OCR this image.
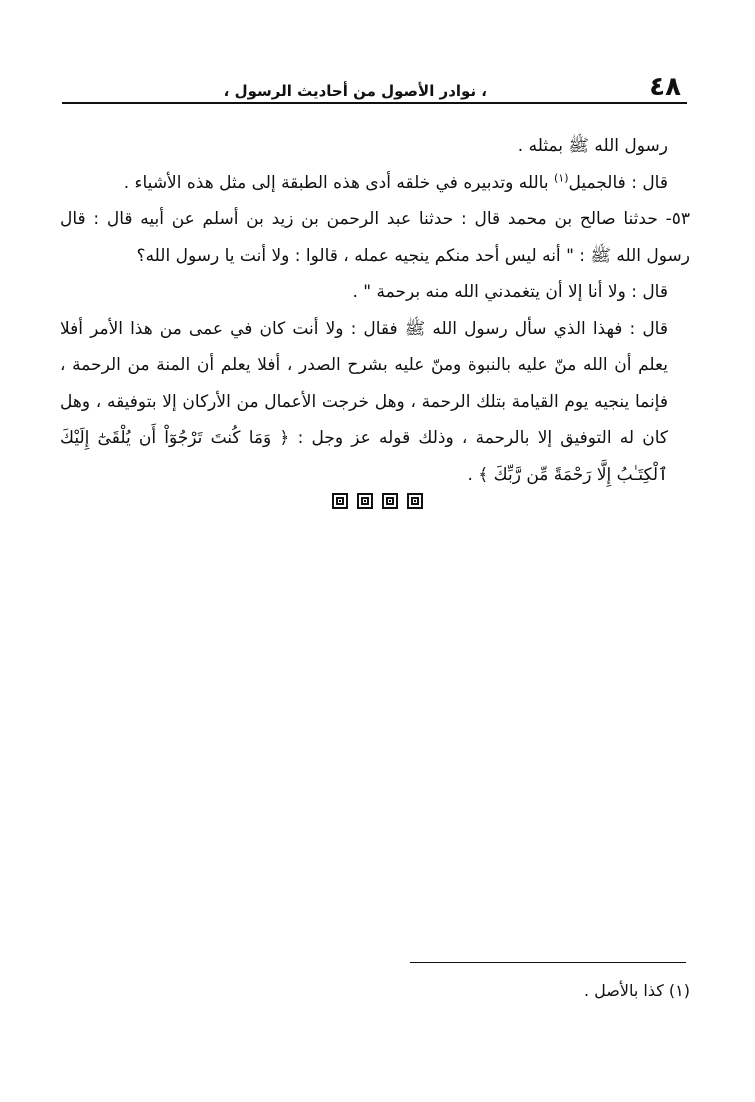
٤٨
، نوادر الأصول من أحاديث الرسول ،

رسول الله ﷺ بمثله .

قال : فالجميل$^{(١)}$ بالله وتدبيره في خلقه أدى هذه الطبقة إلى مثل هذه الأشياء .

٥٣- حدثنا صالح بن محمد قال : حدثنا عبد الرحمن بن زيد بن أسلم عن أبيه قال : قال رسول الله ﷺ : " أنه ليس أحد منكم ينجيه عمله ، قالوا : ولا أنت يا رسول الله؟

قال : ولا أنا إلا أن يتغمدني الله منه برحمة " .

قال : فهذا الذي سأل رسول الله ﷺ فقال : ولا أنت كان في عمى من هذا الأمر أفلا يعلم أن الله منّ عليه بالنبوة ومنّ عليه بشرح الصدر ، أفلا يعلم أن المنة من الرحمة ، فإنما ينجيه يوم القيامة بتلك الرحمة ، وهل خرجت الأعمال من الأركان إلا بتوفيقه ، وهل كان له التوفيق إلا بالرحمة ، وذلك قوله عز وجل : ﴿ وَمَا كُنتَ تَرْجُوٓاْ أَن يُلْقَىٰٓ إِلَيْكَ ٱلْكِتَـٰبُ إِلَّا رَحْمَةً مِّن رَّبِّكَ ﴾ .

(١) كذا بالأصل .
